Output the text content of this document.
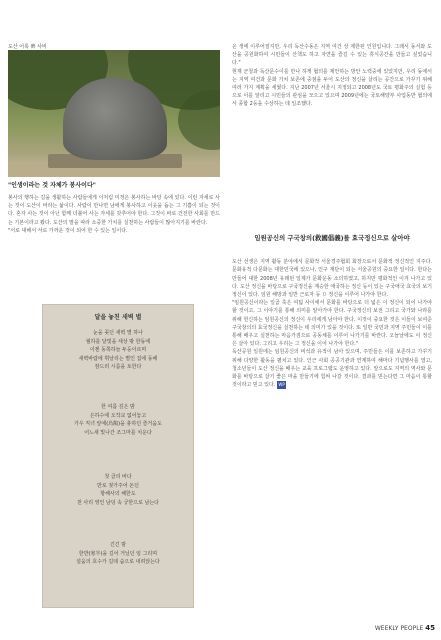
도산 어록 碑 사비
"인생이라는 것 자체가 봉사이다"
봉사의 행하는 길을 생활하는 사람들에게 이처럼 미정은 봉사하는 바탕 속에 있다. 이런 자세로 사는 것이 도산이 바라는 삶이다. 사람이 만나면 남에게 봉사하고 이웃을 돕는 그 기쁨이 되는 것이다. 혼자 사는 것이 아닌 함께 더불어 사는 자세를 갖추어야 한다. 그것이 바로 건전한 사회를 만드는 기본이라고 봤다. 도산의 말을 따라 소중한 가치를 실천하는 사람들이 많아지기를 바란다.
"서로 대해서 서로 가까운 것이 되어 한 수 있는 일이다.
달을 놓친 새벽 별
눈을 꽂던 새벽 별 하나
월하를 달빛을 세상 밖 한동에
이젠 동쪽하늘 두둥이르며
새벽바람에 휘날리는 별인 집에 동해
잠드러 시름을 토한다
한 여름 깊은 밤
은하수에 오작교 없어놓고
가우 직녀 앞에(烏鵲)을 총하던 즐거움도
어느새 빛나간 조그마를 치운다
첫 클리 바다
반로 젖가주어 돈던
항해사의 해한도
천 사리 영인 남덩 속 궁한으로 남는다
긴긴 밤
한반(寒半)을 길어 거닐던 임 그리며
설움의 호수가 길데 숨으로 내려앉는다
온 생에 이루어질지만, 우리 독산수동은 지역 여건 상 제한된 인원입니다. 그래서 동서와 도산을 공원화하여 시민들이 산책도 하고 자연을 즐길 수 있는 휴식공간을 만들고 싶었습니다."
현재 군청과 독산문수이를 만나 하게 협의를 제안하는 방안 노력중에 있었지만, 우리 동에서는 지역 여건과 문화 가치 보존에 중점을 두어 도산의 정신을 살리는 공간으로 가꾸기 위해 여러 가지 계획을 세웠다. 지난 2007년 서울시 지정되고 2008년도 국토 평화주의 실험 등으로 이를 알리고 시민들의 관심을 모으고 있으며 2009년에는 국토해양부 사업동반 협의에서 종합 2등을 수상하는 데 일조했다.
임원공신의 구국창의(救國倡義)를 효국정신으로 살아야

도산 선생은 지역 활동 분야에서 문화적 서울경주협회 회장으로서 문화적 정신적인 지주다. 문화유적 다문화는 대한민국에 있으나, 인구 재단이 되는 서울공원의 중요한 일이다. 한다는 만들어 대한 2008년 유래된 일제가 문화운동 소의하였고, 하지만 평화적인 이겨 나가고 있다. 도산 정신을 바탕으로 구국정신을 계승한 애국하는 정신 등이 있는 구국애국 효국의 보기 정신이 있다. 임원 해방과 일반 근로자 등 ㅁ 정신을 이루어 나가야 한다.
"임원공신이라는 일곱 혹은 여덟 사이에서 문화를 바탕으로 더 넓은 이 정신이 되어 나가야 할 것이고, 그 이야기를 통해 의미를 알아가야 한다. 구국정신의 보전 그리고 국가와 나라를 위해 헌신하는 임원공신의 정신이 우리에게 남아야 한다. 이것이 중요한 것은 이들이 보여준 구국창의의 효국정신을 실천하는 데 의미가 있을 것이다. 또 일반 국민과 지역 주민들이 이를 통해 배우고 실천하는 마음가짐으로 공동체를 이루어 나가기를 바란다. 오늘날에도 이 정신은 살아 있다. 그리고 우리는 그 정신을 이어 나가야 한다."
독산공원 일원에는 임원공신의 비석과 유적이 남아 있으며, 주민들은 이를 보존하고 가꾸기 위해 다양한 활동을 펼치고 있다. 인근 사회 공공기관과 연계하여 해마다 기념행사를 열고, 청소년들이 도산 정신을 배우는 교육 프로그램도 운영하고 있다. 앞으로도 지역의 역사와 문화를 바탕으로 살기 좋은 마을 만들기에 힘써 나갈 것이다. 결과를 믿는다면 그 마음이 통할 것이라고 믿고 있다. WP

WEEKLY PEOPLE 45
